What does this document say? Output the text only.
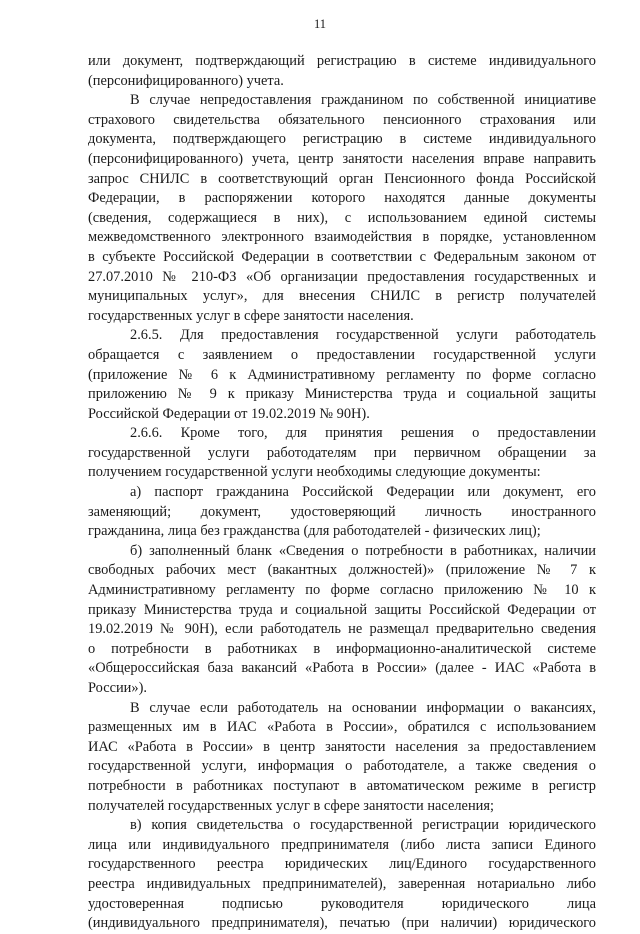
11

или документ, подтверждающий регистрацию в системе индивидуального
(персонифицированного) учета.

В случае непредоставления гражданином по собственной инициативе
страхового свидетельства обязательного пенсионного страхования или
документа, подтверждающего регистрацию в системе индивидуального
(персонифицированного) учета, центр занятости населения вправе направить
запрос СНИЛС в соответствующий орган Пенсионного фонда Российской
Федерации, в распоряжении которого находятся данные документы
(сведения, содержащиеся в них), с использованием единой системы
межведомственного электронного взаимодействия в порядке, установленном
в субъекте Российской Федерации в соответствии с Федеральным законом от
27.07.2010 № 210-ФЗ «Об организации предоставления государственных и
муниципальных услуг», для внесения СНИЛС в регистр получателей
государственных услуг в сфере занятости населения.

2.6.5. Для предоставления государственной услуги работодатель
обращается с заявлением о предоставлении государственной услуги
(приложение № 6 к Административному регламенту по форме согласно
приложению № 9 к приказу Министерства труда и социальной защиты
Российской Федерации от 19.02.2019 № 90Н).

2.6.6. Кроме того, для принятия решения о предоставлении
государственной услуги работодателям при первичном обращении за
получением государственной услуги необходимы следующие документы:

а) паспорт гражданина Российской Федерации или документ, его
заменяющий; документ, удостоверяющий личность иностранного
гражданина, лица без гражданства (для работодателей - физических лиц);

б) заполненный бланк «Сведения о потребности в работниках, наличии
свободных рабочих мест (вакантных должностей)» (приложение № 7 к
Административному регламенту по форме согласно приложению № 10 к
приказу Министерства труда и социальной защиты Российской Федерации от
19.02.2019 № 90Н), если работодатель не размещал предварительно сведения
о потребности в работниках в информационно-аналитической системе
«Общероссийская база вакансий «Работа в России» (далее - ИАС «Работа в
России»).

В случае если работодатель на основании информации о вакансиях,
размещенных им в ИАС «Работа в России», обратился с использованием
ИАС «Работа в России» в центр занятости населения за предоставлением
государственной услуги, информация о работодателе, а также сведения о
потребности в работниках поступают в автоматическом режиме в регистр
получателей государственных услуг в сфере занятости населения;

в) копия свидетельства о государственной регистрации юридического
лица или индивидуального предпринимателя (либо листа записи Единого
государственного реестра юридических лиц/Единого государственного
реестра индивидуальных предпринимателей), заверенная нотариально либо
удостоверенная подписью руководителя юридического лица
(индивидуального предпринимателя), печатью (при наличии) юридического
